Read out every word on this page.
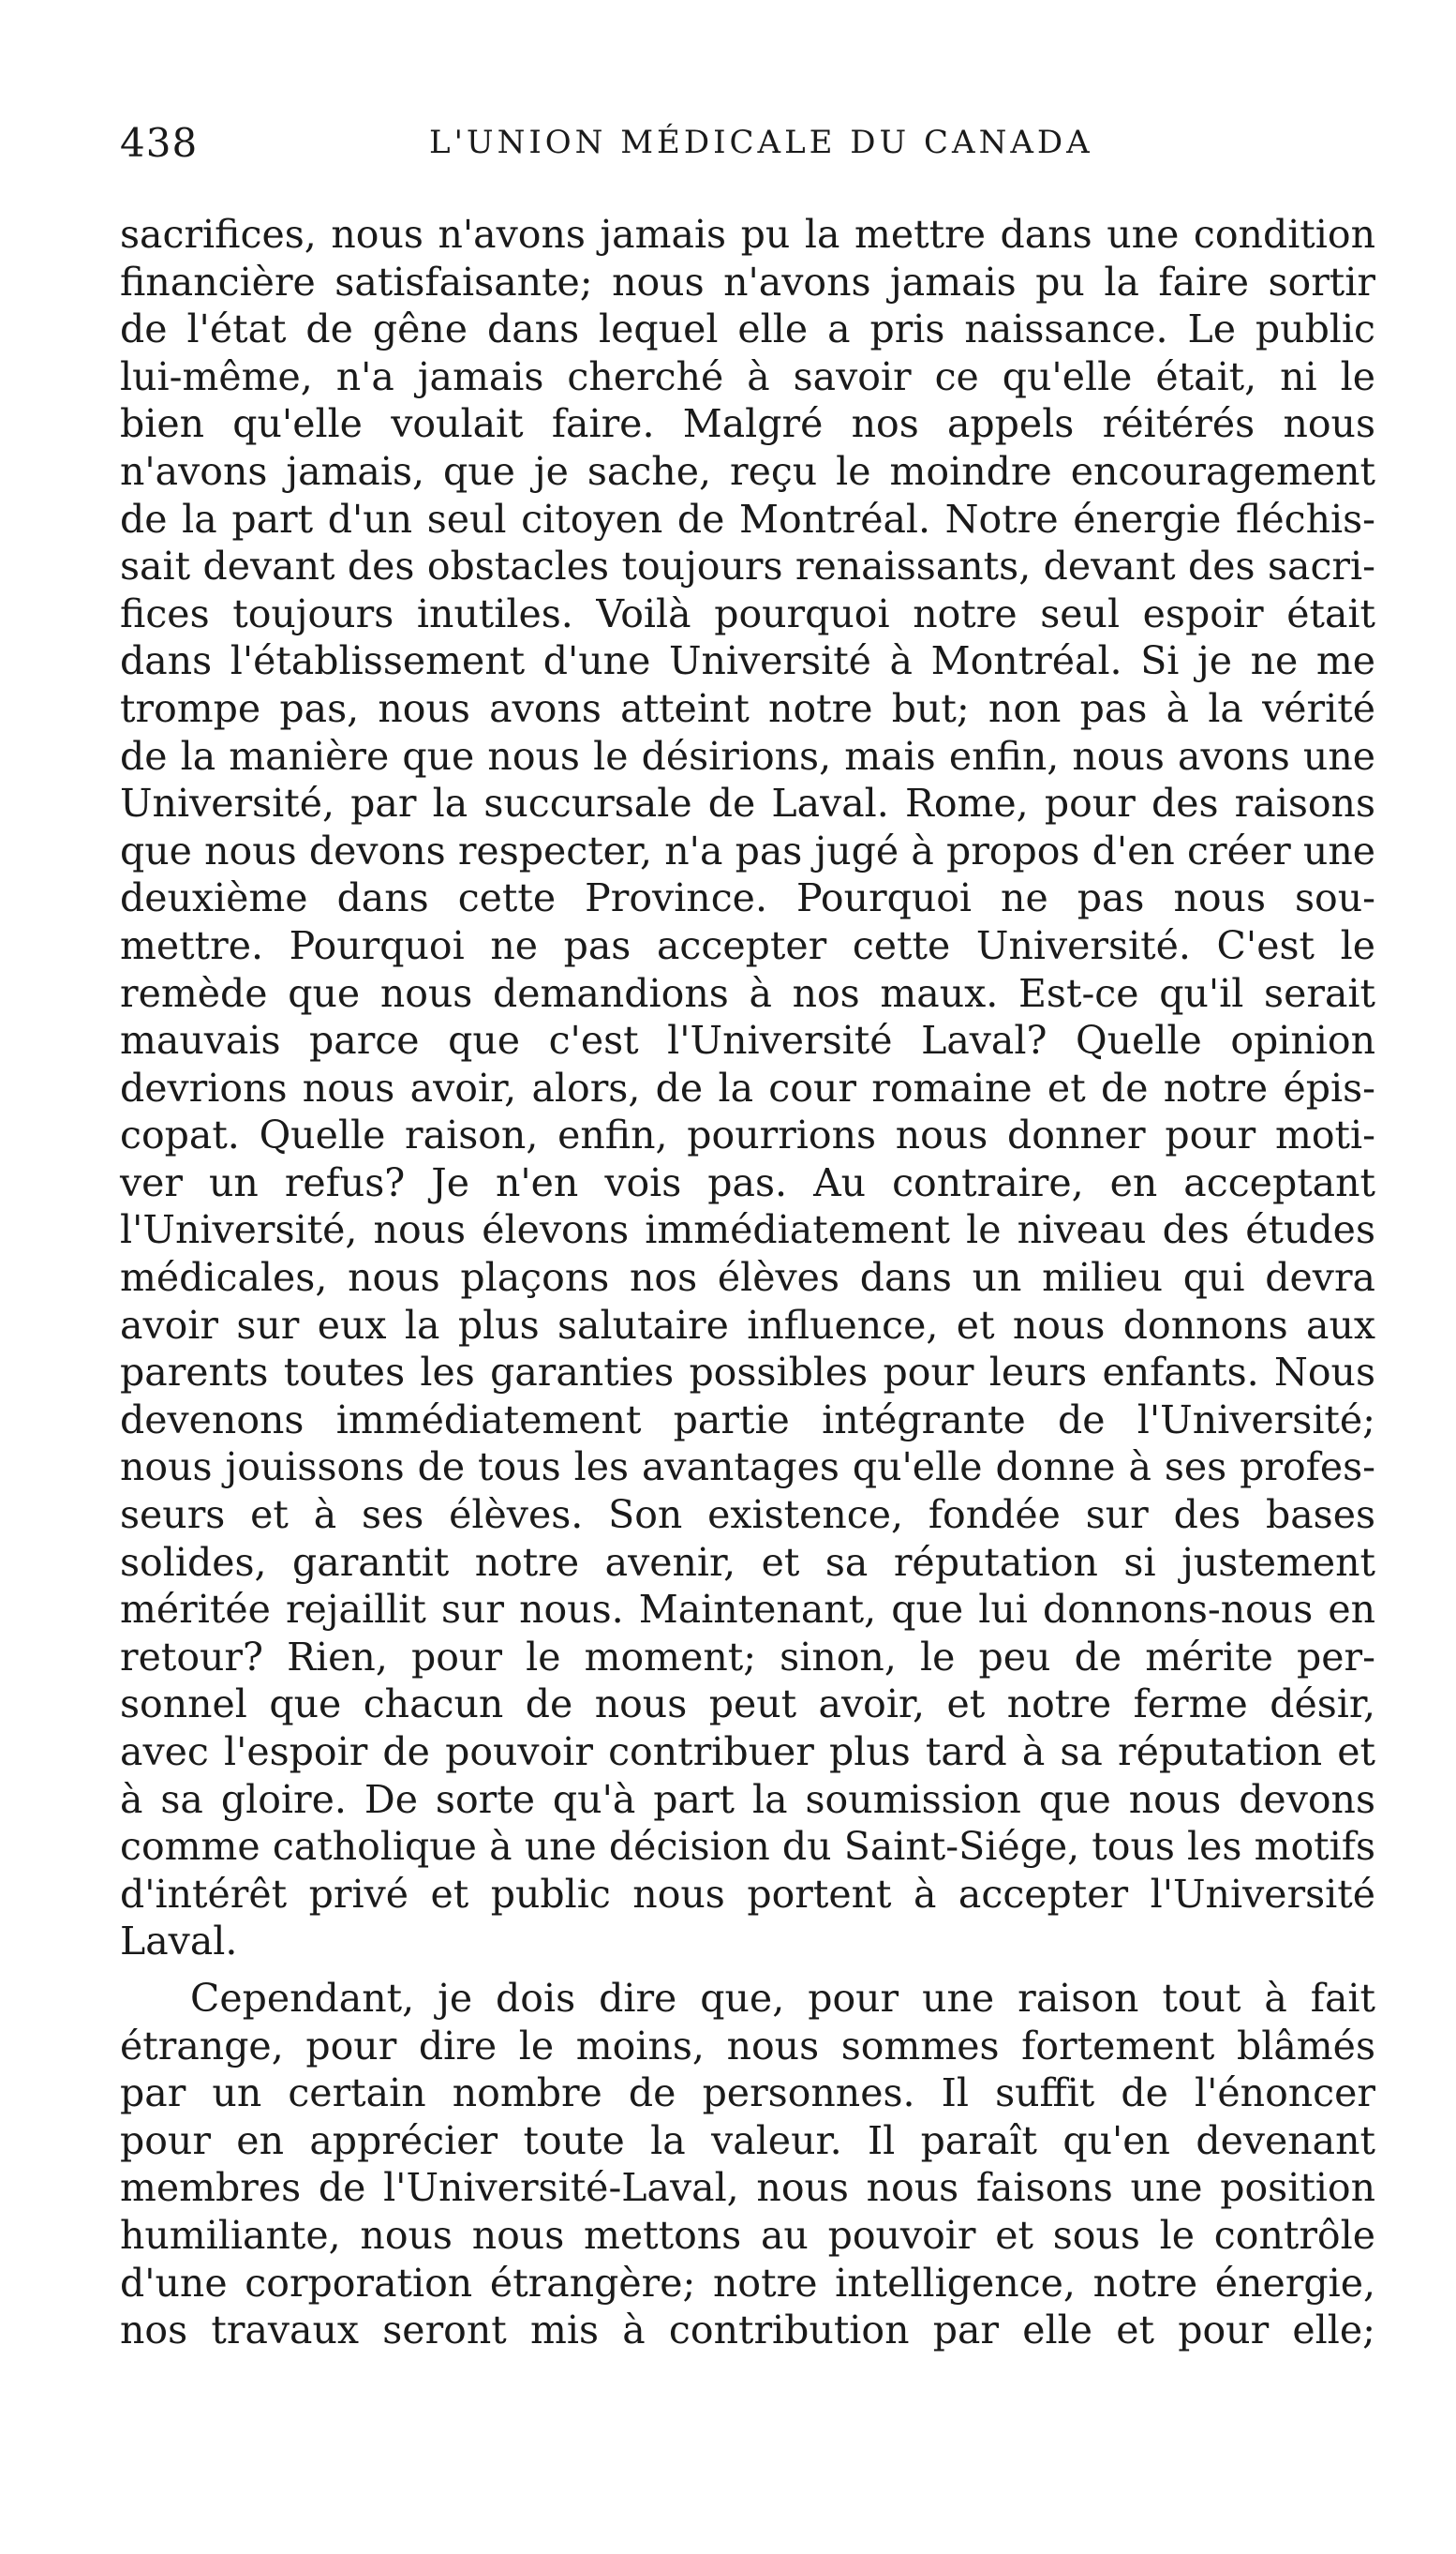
438	L'UNION MÉDICALE DU CANADA
sacrifices, nous n'avons jamais pu la mettre dans une condition
financière satisfaisante; nous n'avons jamais pu la faire sortir
de l'état de gêne dans lequel elle a pris naissance. Le public
lui-même, n'a jamais cherché à savoir ce qu'elle était, ni le
bien qu'elle voulait faire. Malgré nos appels réitérés nous
n'avons jamais, que je sache, reçu le moindre encouragement
de la part d'un seul citoyen de Montréal. Notre énergie fléchis-
sait devant des obstacles toujours renaissants, devant des sacri-
fices toujours inutiles. Voilà pourquoi notre seul espoir était
dans l'établissement d'une Université à Montréal. Si je ne me
trompe pas, nous avons atteint notre but; non pas à la vérité
de la manière que nous le désirions, mais enfin, nous avons une
Université, par la succursale de Laval. Rome, pour des raisons
que nous devons respecter, n'a pas jugé à propos d'en créer une
deuxième dans cette Province. Pourquoi ne pas nous sou-
mettre. Pourquoi ne pas accepter cette Université. C'est le
remède que nous demandions à nos maux. Est-ce qu'il serait
mauvais parce que c'est l'Université Laval? Quelle opinion
devrions nous avoir, alors, de la cour romaine et de notre épis-
copat. Quelle raison, enfin, pourrions nous donner pour moti-
ver un refus? Je n'en vois pas. Au contraire, en acceptant
l'Université, nous élevons immédiatement le niveau des études
médicales, nous plaçons nos élèves dans un milieu qui devra
avoir sur eux la plus salutaire influence, et nous donnons aux
parents toutes les garanties possibles pour leurs enfants. Nous
devenons immédiatement partie intégrante de l'Université;
nous jouissons de tous les avantages qu'elle donne à ses profes-
seurs et à ses élèves. Son existence, fondée sur des bases
solides, garantit notre avenir, et sa réputation si justement
méritée rejaillit sur nous. Maintenant, que lui donnons-nous en
retour? Rien, pour le moment; sinon, le peu de mérite per-
sonnel que chacun de nous peut avoir, et notre ferme désir,
avec l'espoir de pouvoir contribuer plus tard à sa réputation et
à sa gloire. De sorte qu'à part la soumission que nous devons
comme catholique à une décision du Saint-Siége, tous les motifs
d'intérêt privé et public nous portent à accepter l'Université
Laval.
Cependant, je dois dire que, pour une raison tout à fait
étrange, pour dire le moins, nous sommes fortement blâmés
par un certain nombre de personnes. Il suffit de l'énoncer
pour en apprécier toute la valeur. Il paraît qu'en devenant
membres de l'Université-Laval, nous nous faisons une position
humiliante, nous nous mettons au pouvoir et sous le contrôle
d'une corporation étrangère; notre intelligence, notre énergie,
nos travaux seront mis à contribution par elle et pour elle;
